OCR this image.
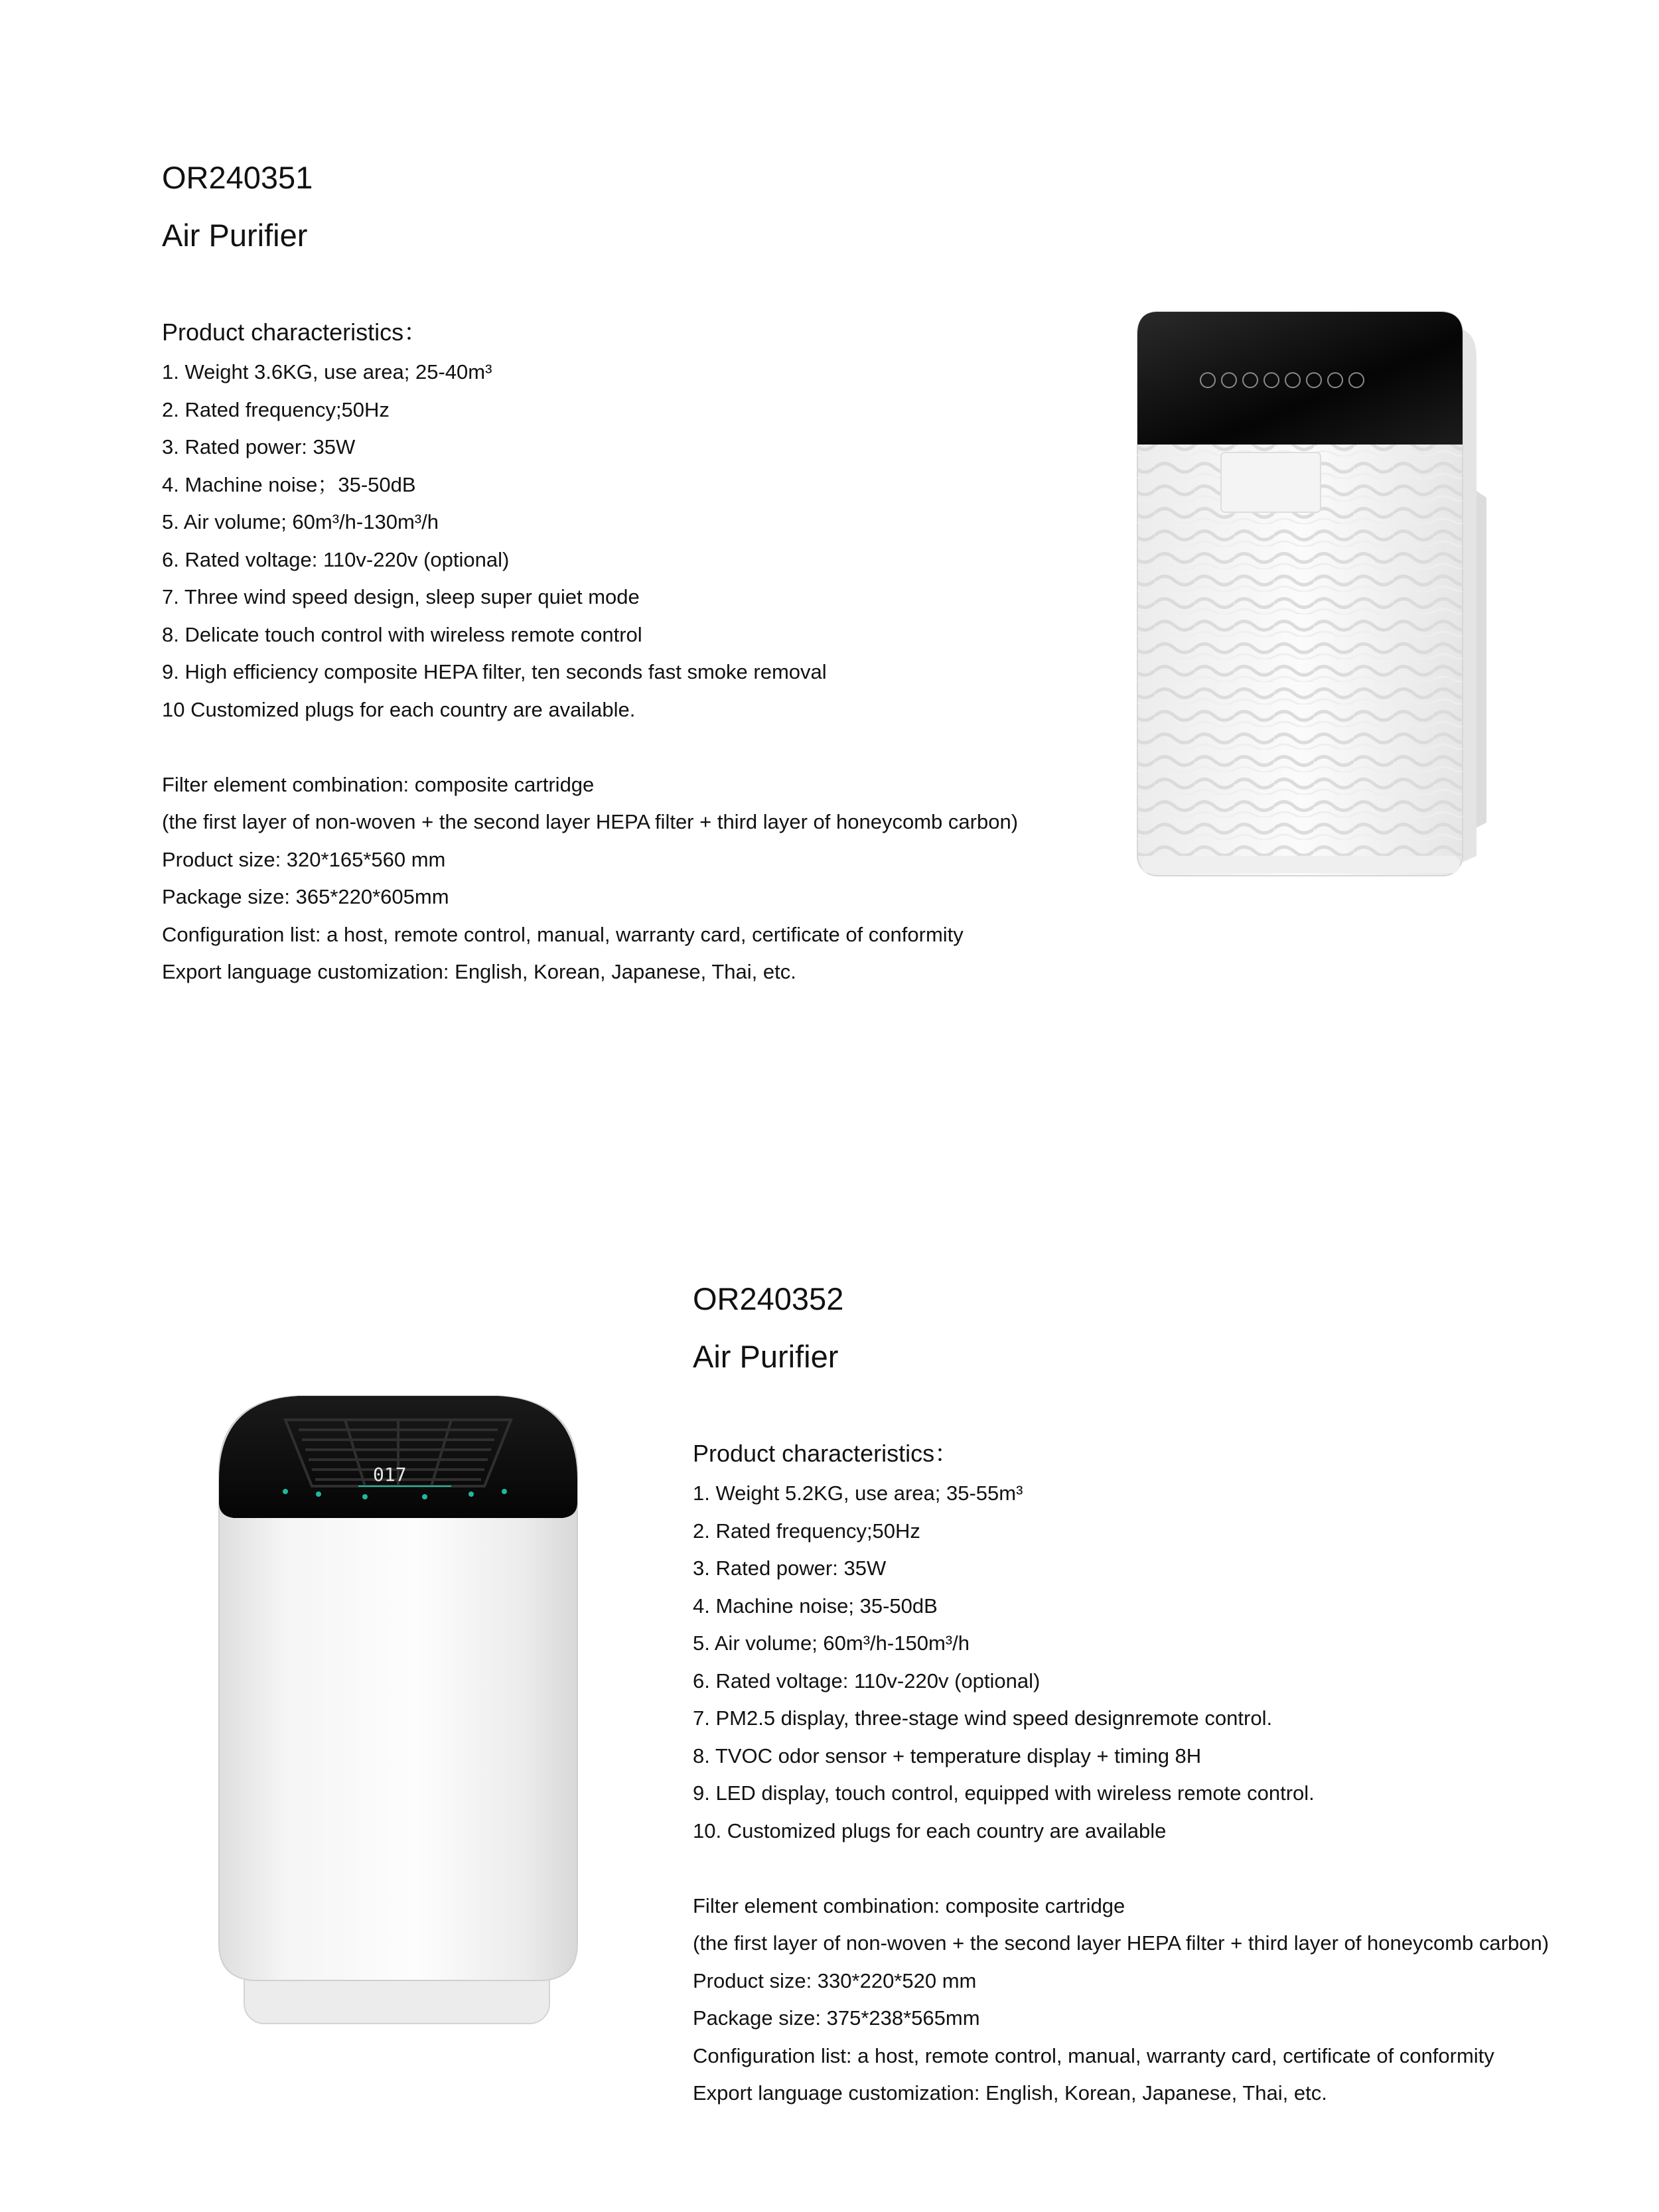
OR240351
Air Purifier
Product characteristics：

1. Weight 3.6KG, use area; 25-40m³

2. Rated frequency;50Hz

3. Rated power: 35W

4. Machine noise；35-50dB

5. Air volume; 60m³/h-130m³/h

6. Rated voltage: 110v-220v (optional)

7. Three wind speed design, sleep super quiet mode

8. Delicate touch control with wireless remote control

9. High efficiency composite HEPA filter, ten seconds fast smoke removal

10 Customized plugs for each country are available.

Filter element combination: composite cartridge

(the first layer of non-woven + the second layer HEPA filter + third layer of honeycomb carbon)

Product size: 320*165*560 mm

Package size: 365*220*605mm

Configuration list: a host, remote control, manual, warranty card, certificate of conformity

Export language customization: English, Korean, Japanese, Thai, etc.

017
OR240352
Air Purifier
Product characteristics：

1. Weight 5.2KG, use area; 35-55m³

2. Rated frequency;50Hz

3. Rated power: 35W

4. Machine noise; 35-50dB

5. Air volume; 60m³/h-150m³/h

6. Rated voltage: 110v-220v (optional)

7. PM2.5 display, three-stage wind speed designremote control.

8. TVOC odor sensor + temperature display + timing 8H

9. LED display, touch control, equipped with wireless remote control.

10. Customized plugs for each country are available

Filter element combination: composite cartridge

(the first layer of non-woven + the second layer HEPA filter + third layer of honeycomb carbon)

Product size: 330*220*520 mm

Package size: 375*238*565mm

Configuration list: a host, remote control, manual, warranty card, certificate of conformity

Export language customization: English, Korean, Japanese, Thai, etc.
